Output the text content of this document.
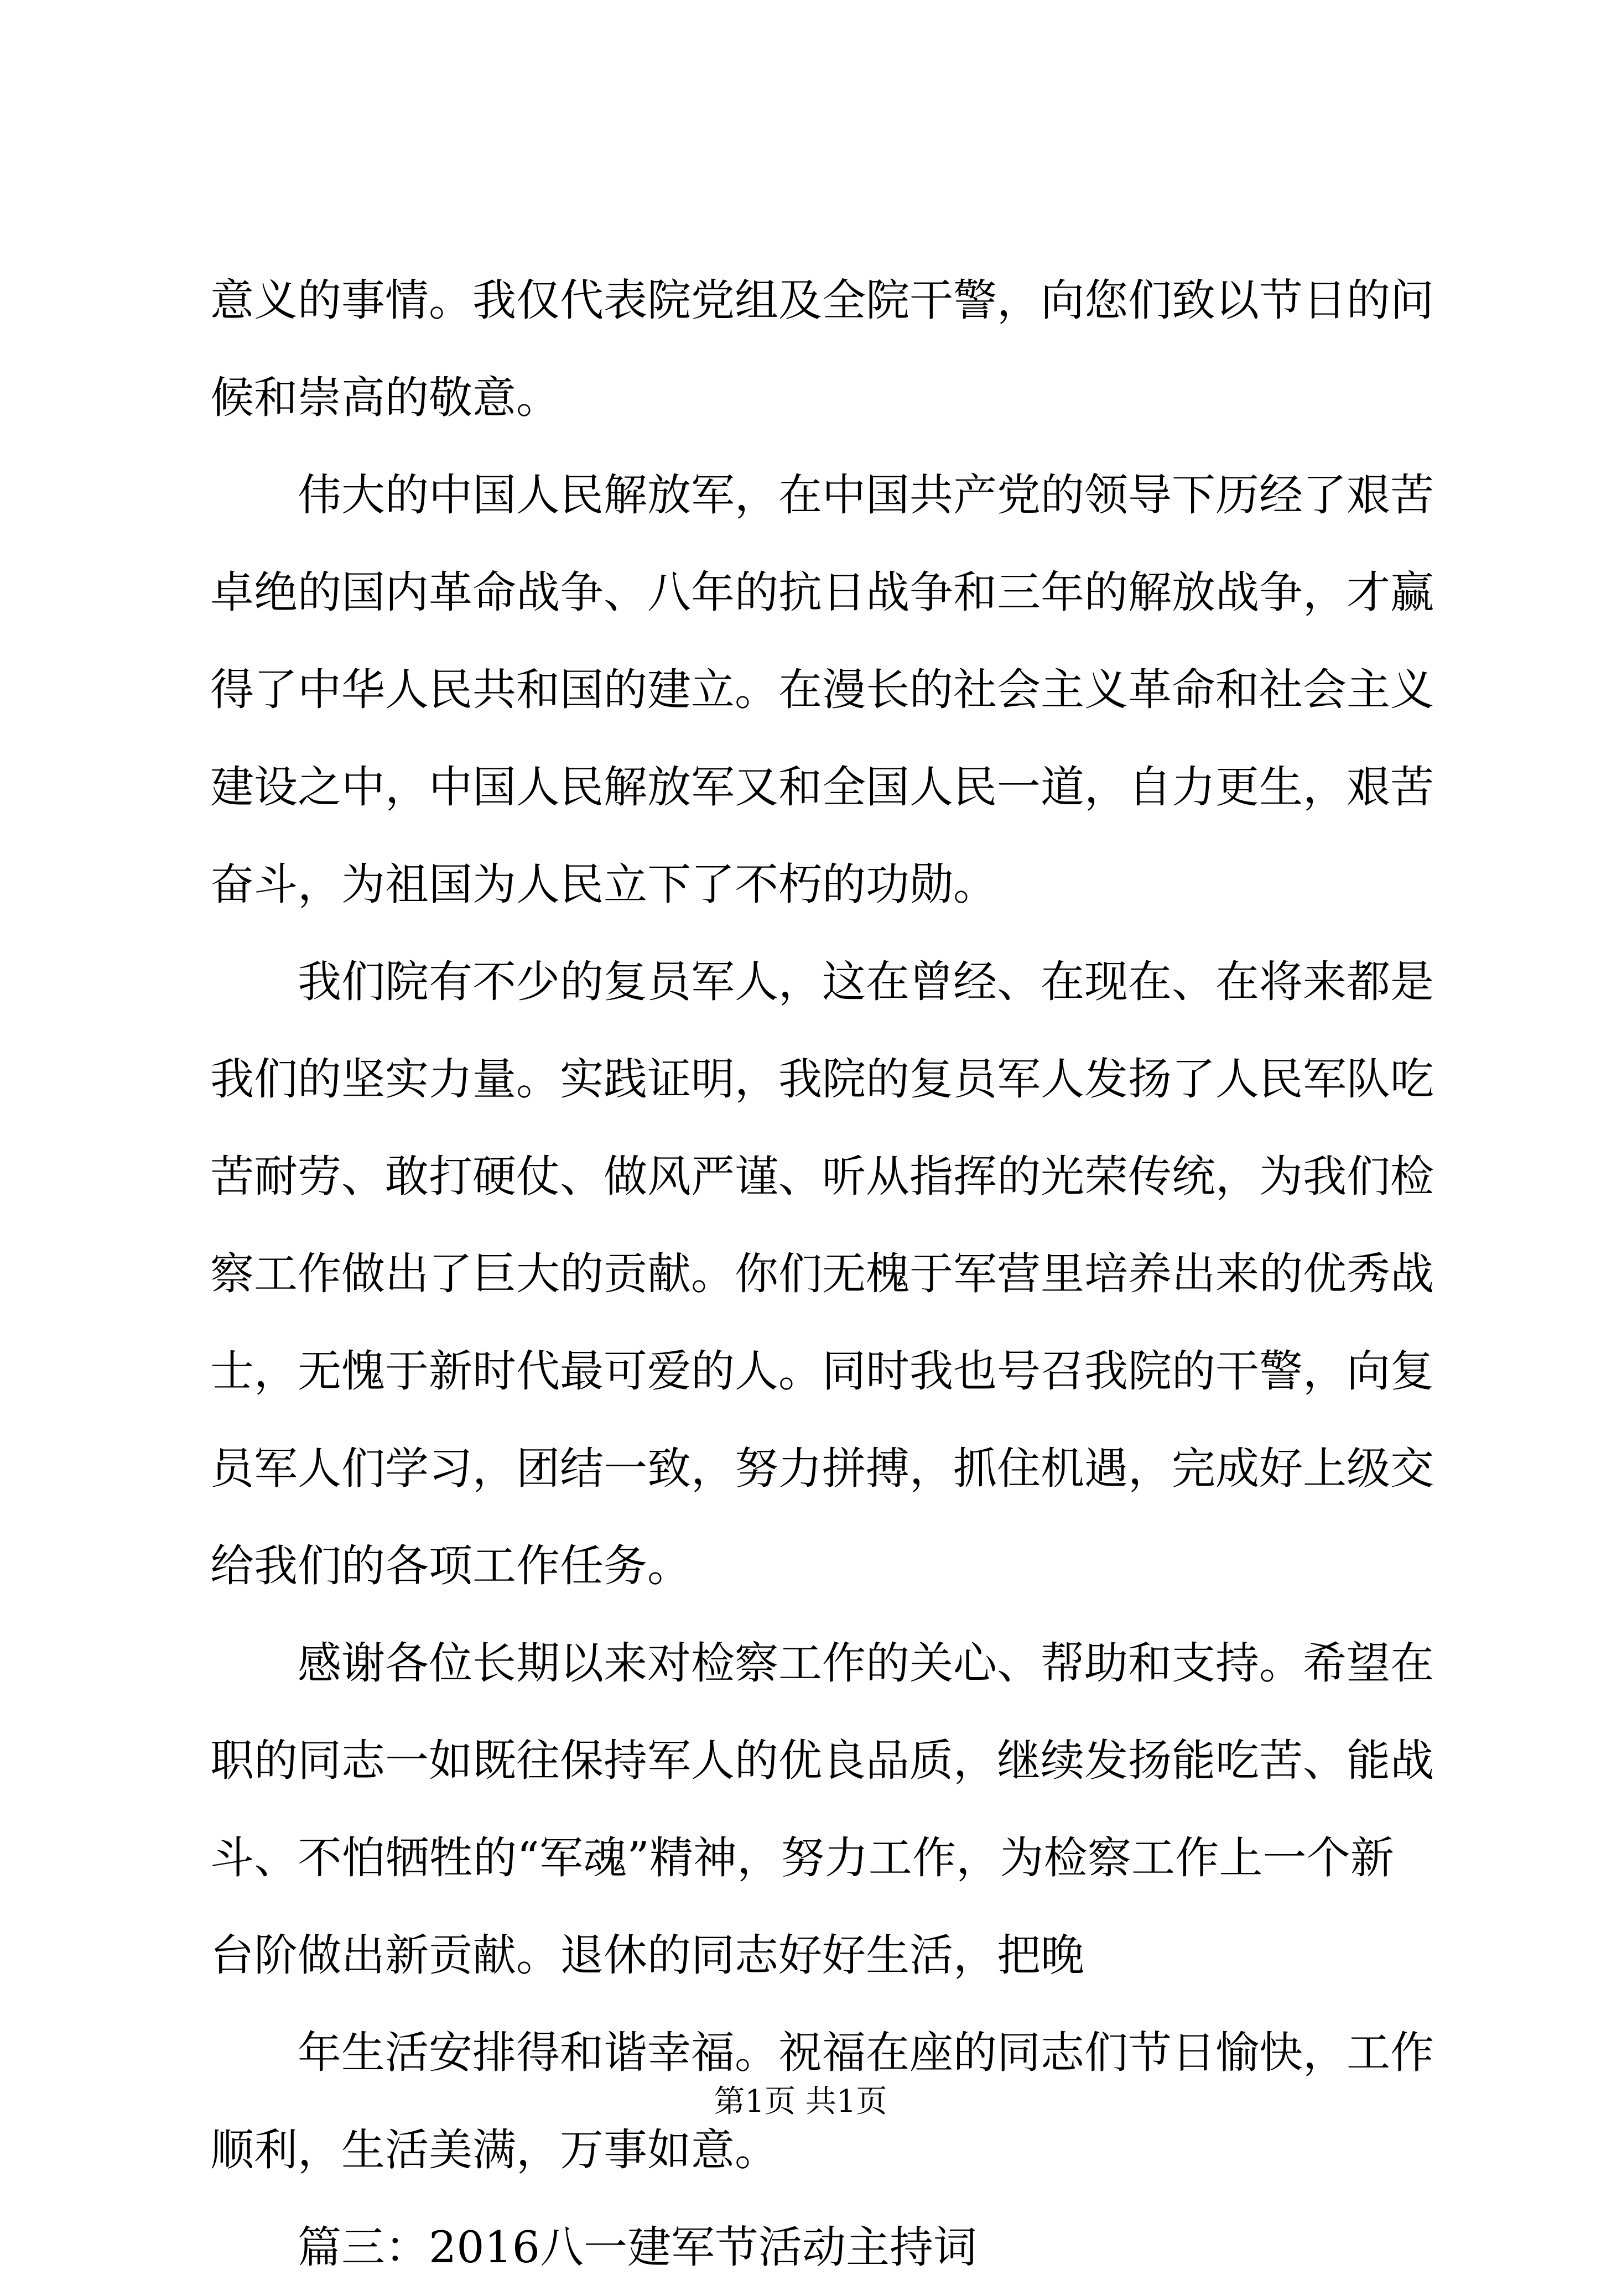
意义的事情。我仅代表院党组及全院干警，向您们致以节日的问
候和崇高的敬意。
伟大的中国人民解放军，在中国共产党的领导下历经了艰苦
卓绝的国内革命战争、八年的抗日战争和三年的解放战争，才赢
得了中华人民共和国的建立。在漫长的社会主义革命和社会主义
建设之中，中国人民解放军又和全国人民一道，自力更生，艰苦
奋斗，为祖国为人民立下了不朽的功勋。
我们院有不少的复员军人，这在曾经、在现在、在将来都是
我们的坚实力量。实践证明，我院的复员军人发扬了人民军队吃
苦耐劳、敢打硬仗、做风严谨、听从指挥的光荣传统，为我们检
察工作做出了巨大的贡献。你们无槐于军营里培养出来的优秀战
士，无愧于新时代最可爱的人。同时我也号召我院的干警，向复
员军人们学习，团结一致，努力拼搏，抓住机遇，完成好上级交
给我们的各项工作任务。
感谢各位长期以来对检察工作的关心、帮助和支持。希望在
职的同志一如既往保持军人的优良品质，继续发扬能吃苦、能战
斗、不怕牺牲的“军魂”精神，努力工作，为检察工作上一个新
台阶做出新贡献。退休的同志好好生活，把晚
年生活安排得和谐幸福。祝福在座的同志们节日愉快，工作
顺利，生活美满，万事如意。
篇三：2016八一建军节活动主持词
第1页 共1页
